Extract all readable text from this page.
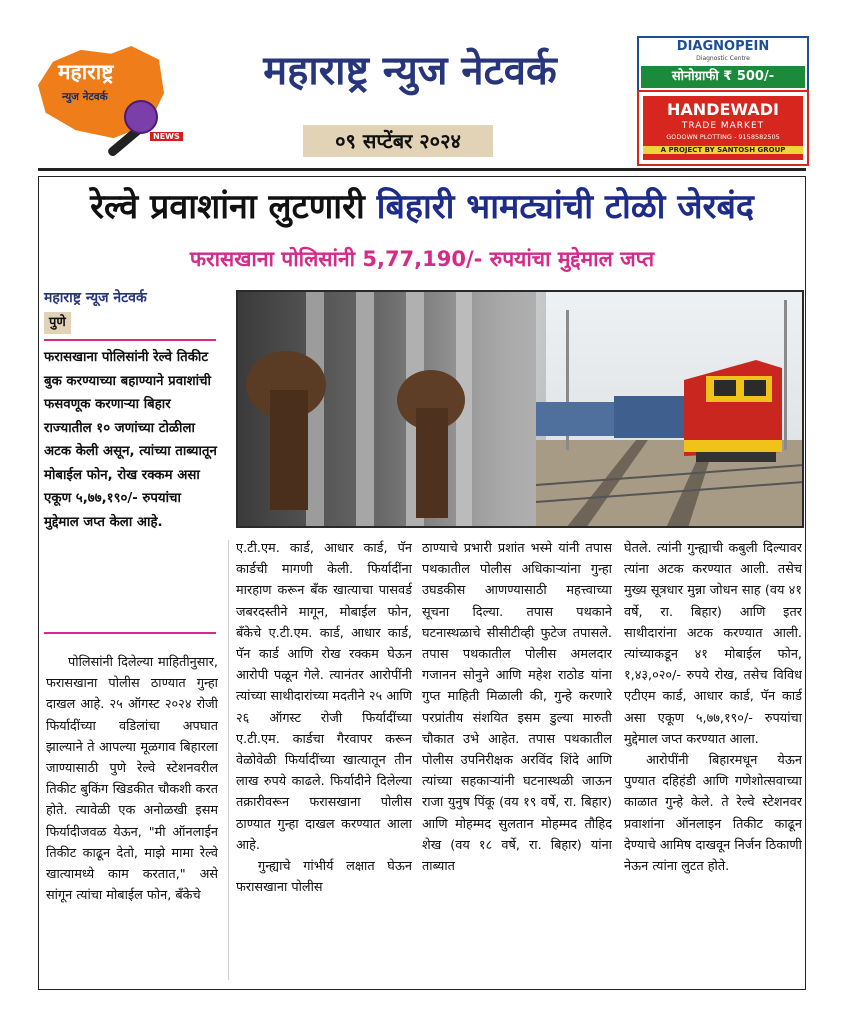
महाराष्ट्र
न्युज नेटवर्क
NEWS
महाराष्ट्र न्युज नेटवर्क
०९ सप्टेंबर २०२४
DIAGNOPEIN
Diagnostic Centre
सोनोग्राफी ₹ 500/-
HANDEWADI
TRADE MARKET
GODOWN PLOTTING - 9158582505
A PROJECT BY SANTOSH GROUP
रेल्वे प्रवाशांना लुटणारी बिहारी भामट्यांची टोळी जेरबंद
फरासखाना पोलिसांनी 5,77,190/- रुपयांचा मुद्देमाल जप्त
महाराष्ट्र न्यूज नेटवर्क
पुणे
फरासखाना पोलिसांनी रेल्वे तिकीट बुक करण्याच्या बहाण्याने प्रवाशांची फसवणूक करणाऱ्या बिहार राज्यातील १० जणांच्या टोळीला अटक केली असून, त्यांच्या ताब्यातून मोबाईल फोन, रोख रक्कम असा एकूण ५,७७,१९०/- रुपयांचा मुद्देमाल जप्त केला आहे.

पोलिसांनी दिलेल्या माहितीनुसार, फरासखाना पोलीस ठाण्यात गुन्हा दाखल आहे. २५ ऑगस्ट २०२४ रोजी फिर्यादींच्या वडिलांचा अपघात झाल्याने ते आपल्या मूळगाव बिहारला जाण्यासाठी पुणे रेल्वे स्टेशनवरील तिकीट बुकिंग खिडकीत चौकशी करत होते. त्यावेळी एक अनोळखी इसम फिर्यादीजवळ येऊन, "मी ऑनलाईन तिकीट काढून देतो, माझे मामा रेल्वे खात्यामध्ये काम करतात," असे सांगून त्यांचा मोबाईल फोन, बँकेचे

ए.टी.एम. कार्ड, आधार कार्ड, पॅन कार्डची मागणी केली. फिर्यादींना मारहाण करून बँक खात्याचा पासवर्ड जबरदस्तीने मागून, मोबाईल फोन, बँकेचे ए.टी.एम. कार्ड, आधार कार्ड, पॅन कार्ड आणि रोख रक्कम घेऊन आरोपी पळून गेले. त्यानंतर आरोपींनी त्यांच्या साथीदारांच्या मदतीने २५ आणि २६ ऑगस्ट रोजी फिर्यादींच्या ए.टी.एम. कार्डचा गैरवापर करून वेळोवेळी फिर्यादींच्या खात्यातून तीन लाख रुपये काढले. फिर्यादीने दिलेल्या तक्रारीवरून फरासखाना पोलीस ठाण्यात गुन्हा दाखल करण्यात आला आहे.

गुन्ह्याचे गांभीर्य लक्षात घेऊन फरासखाना पोलीस

ठाण्याचे प्रभारी प्रशांत भस्मे यांनी तपास पथकातील पोलीस अधिकाऱ्यांना गुन्हा उघडकीस आणण्यासाठी महत्त्वाच्या सूचना दिल्या. तपास पथकाने घटनास्थळाचे सीसीटीव्ही फुटेज तपासले. तपास पथकातील पोलीस अमलदार गजानन सोनुने आणि महेश राठोड यांना गुप्त माहिती मिळाली की, गुन्हे करणारे परप्रांतीय संशयित इसम डुल्या मारुती चौकात उभे आहेत. तपास पथकातील पोलीस उपनिरीक्षक अरविंद शिंदे आणि त्यांच्या सहकाऱ्यांनी घटनास्थळी जाऊन राजा युनुष पिंकू (वय १९ वर्षे, रा. बिहार) आणि मोहम्मद सुलतान मोहम्मद तौहिद शेख (वय १८ वर्षे, रा. बिहार) यांना ताब्यात

घेतले. त्यांनी गुन्ह्याची कबुली दिल्यावर त्यांना अटक करण्यात आली. तसेच मुख्य सूत्रधार मुन्ना जोधन साह (वय ४१ वर्षे, रा. बिहार) आणि इतर साथीदारांना अटक करण्यात आली. त्यांच्याकडून ४१ मोबाईल फोन, १,४३,०२०/- रुपये रोख, तसेच विविध एटीएम कार्ड, आधार कार्ड, पॅन कार्ड असा एकूण ५,७७,१९०/- रुपयांचा मुद्देमाल जप्त करण्यात आला.

आरोपींनी बिहारमधून येऊन पुण्यात दहिहंडी आणि गणेशोत्सवाच्या काळात गुन्हे केले. ते रेल्वे स्टेशनवर प्रवाशांना ऑनलाइन तिकीट काढून देण्याचे आमिष दाखवून निर्जन ठिकाणी नेऊन त्यांना लुटत होते.
